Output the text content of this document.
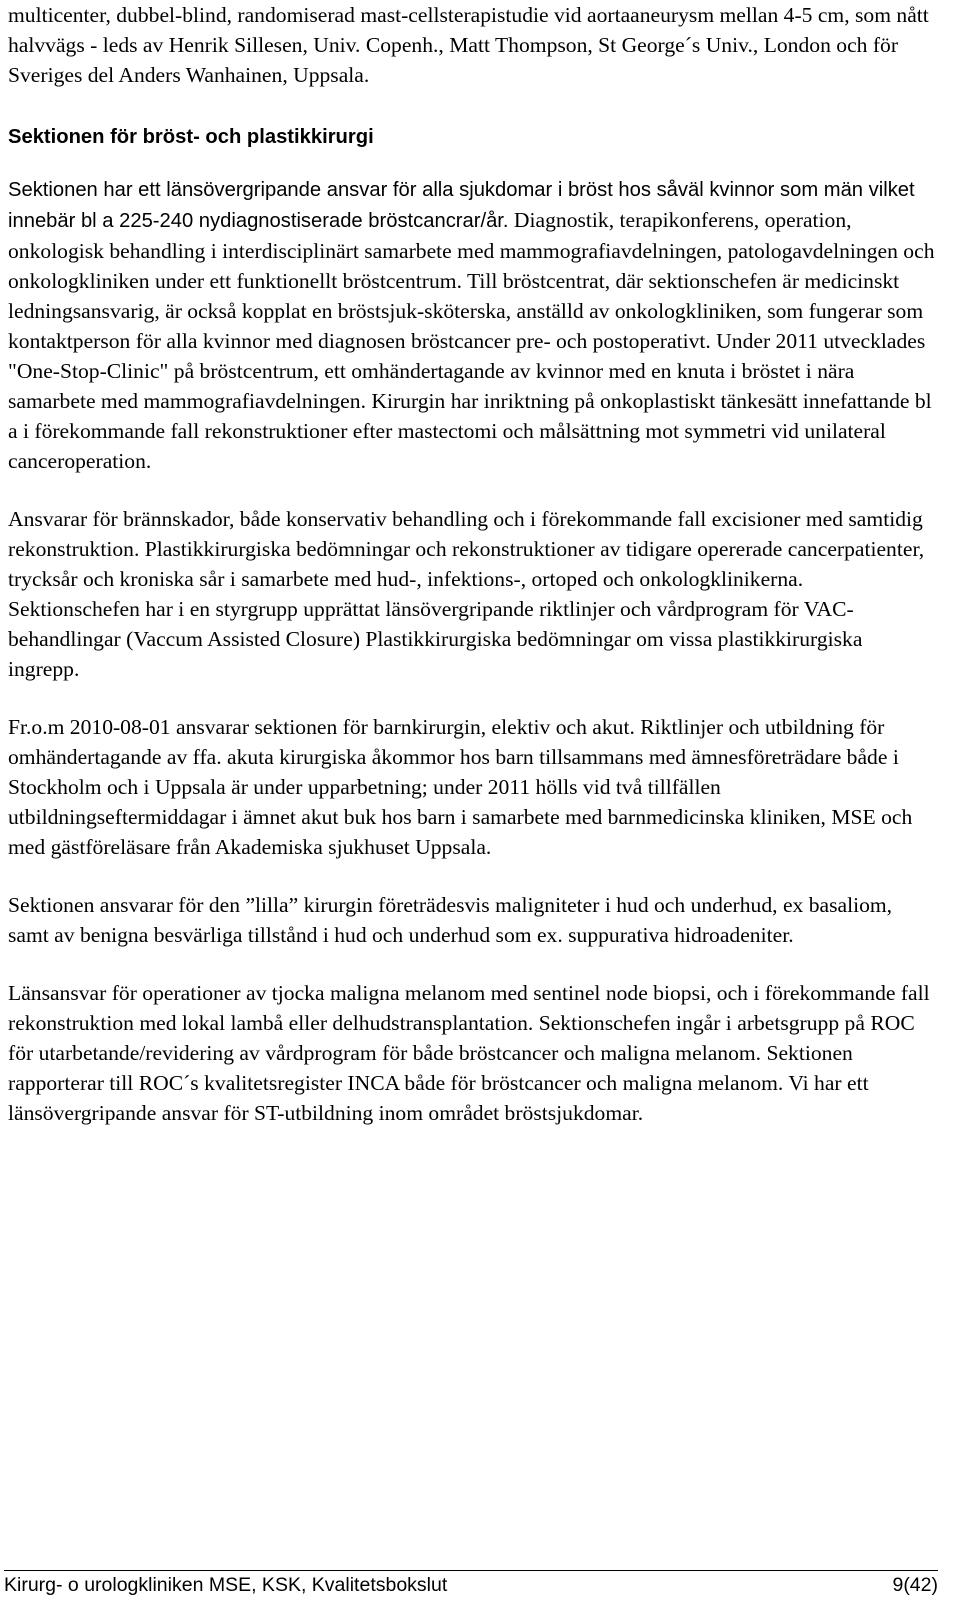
multicenter, dubbel-blind, randomiserad mast-cellsterapistudie vid aortaaneurysm mellan 4-5 cm, som nått halvvägs - leds av Henrik Sillesen, Univ. Copenh., Matt Thompson, St George´s Univ., London och för Sveriges del Anders Wanhainen, Uppsala.

Sektionen för bröst- och plastikkirurgi

Sektionen har ett länsövergripande ansvar för alla sjukdomar i bröst hos såväl kvinnor som män vilket innebär bl a 225-240 nydiagnostiserade bröstcancrar/år. Diagnostik, terapikonferens, operation, onkologisk behandling i interdisciplinärt samarbete med mammografiavdelningen, patologavdelningen och onkologkliniken under ett funktionellt bröstcentrum. Till bröstcentrat, där sektionschefen är medicinskt ledningsansvarig, är också kopplat en bröstsjuk-sköterska, anställd av onkologkliniken, som fungerar som kontaktperson för alla kvinnor med diagnosen bröstcancer pre- och postoperativt. Under 2011 utvecklades "One-Stop-Clinic" på bröstcentrum, ett omhändertagande av kvinnor med en knuta i bröstet i nära samarbete med mammografiavdelningen. Kirurgin har inriktning på onkoplastiskt tänkesätt innefattande bl a i förekommande fall rekonstruktioner efter mastectomi och målsättning mot symmetri vid unilateral canceroperation.

Ansvarar för brännskador, både konservativ behandling och i förekommande fall excisioner med samtidig rekonstruktion. Plastikkirurgiska bedömningar och rekonstruktioner av tidigare opererade cancerpatienter, trycksår och kroniska sår i samarbete med hud-, infektions-, ortoped och onkologklinikerna. Sektionschefen har i en styrgrupp upprättat länsövergripande riktlinjer och vårdprogram för VAC-behandlingar (Vaccum Assisted Closure) Plastikkirurgiska bedömningar om vissa plastikkirurgiska ingrepp.

Fr.o.m 2010-08-01 ansvarar sektionen för barnkirurgin, elektiv och akut. Riktlinjer och utbildning för omhändertagande av ffa. akuta kirurgiska åkommor hos barn tillsammans med ämnesföreträdare både i Stockholm och i Uppsala är under upparbetning; under 2011 hölls vid två tillfällen utbildningseftermiddagar i ämnet akut buk hos barn i samarbete med barnmedicinska kliniken, MSE och med gästföreläsare från Akademiska sjukhuset Uppsala.

Sektionen ansvarar för den ”lilla” kirurgin företrädesvis maligniteter i hud och underhud, ex basaliom, samt av benigna besvärliga tillstånd i hud och underhud som ex. suppurativa hidroadeniter.

Länsansvar för operationer av tjocka maligna melanom med sentinel node biopsi, och i förekommande fall rekonstruktion med lokal lambå eller delhudstransplantation. Sektionschefen ingår i arbetsgrupp på ROC för utarbetande/revidering av vårdprogram för både bröstcancer och maligna melanom. Sektionen rapporterar till ROC´s kvalitetsregister INCA både för bröstcancer och maligna melanom. Vi har ett länsövergripande ansvar för ST-utbildning inom området bröstsjukdomar.

Kirurg- o urologkliniken MSE, KSK, Kvalitetsbokslut	9(42)
